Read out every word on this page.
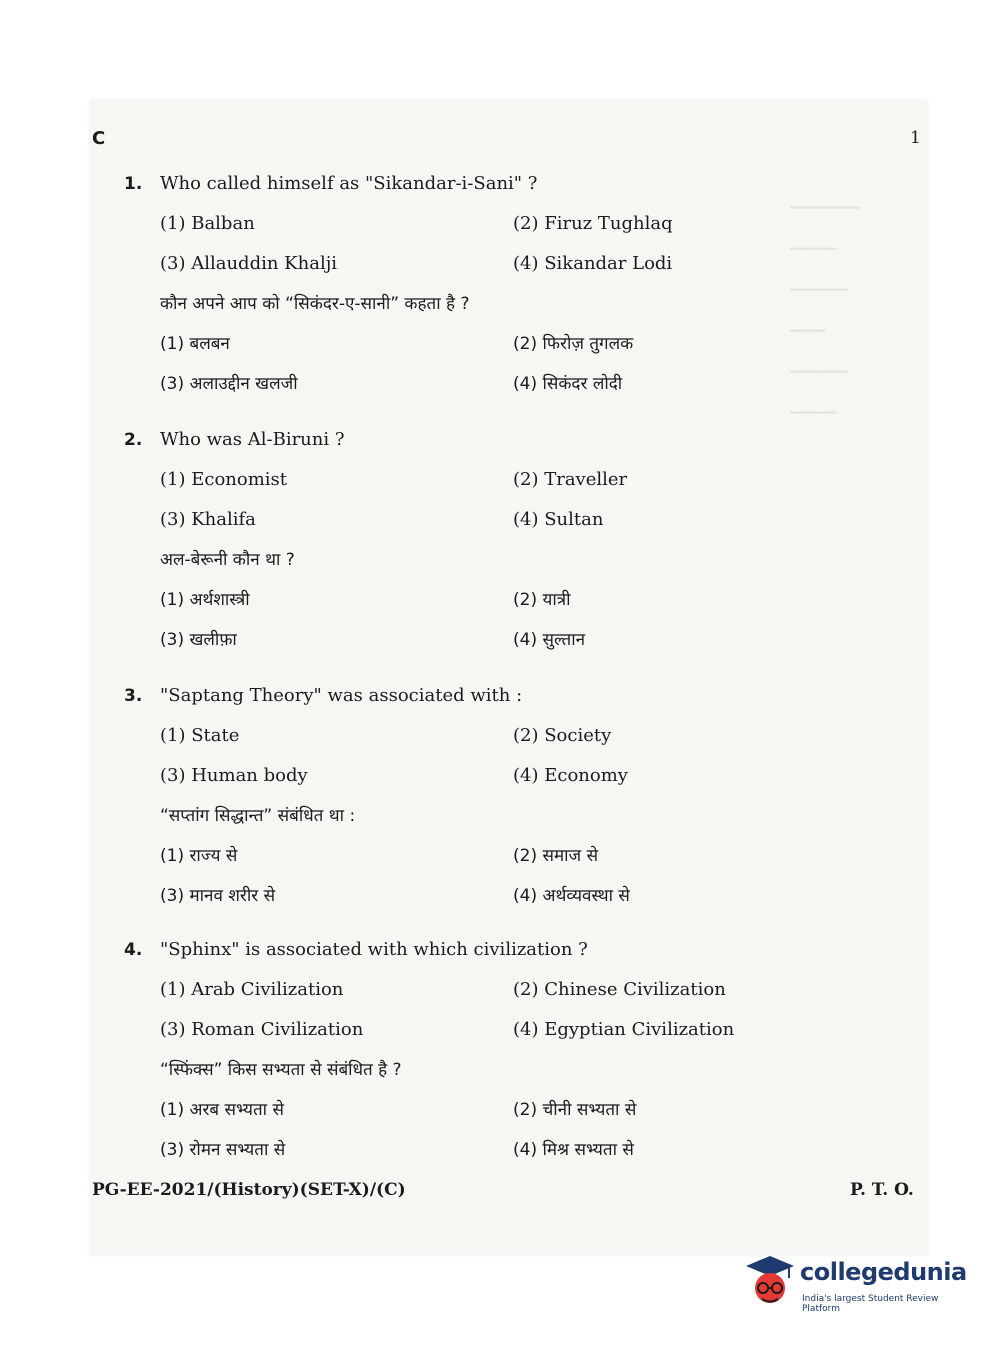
▁▁▁▁▁▁
▁▁▁▁
▁▁▁▁▁
▁▁▁
▁▁▁▁▁
▁▁▁▁
C	1
1. Who called himself as "Sikandar-i-Sani" ?
(1) Balban	(2) Firuz Tughlaq
(3) Allauddin Khalji	(4) Sikandar Lodi
कौन अपने आप को “सिकंदर-ए-सानी” कहता है ?
(1) बलबन	(2) फिरोज़ तुगलक
(3) अलाउद्दीन खलजी	(4) सिकंदर लोदी
2. Who was Al-Biruni ?
(1) Economist	(2) Traveller
(3) Khalifa	(4) Sultan
अल-बेरूनी कौन था ?
(1) अर्थशास्त्री	(2) यात्री
(3) खलीफ़ा	(4) सुल्तान
3. "Saptang Theory" was associated with :
(1) State	(2) Society
(3) Human body	(4) Economy
“सप्तांग सिद्धान्त” संबंधित था :
(1) राज्य से	(2) समाज से
(3) मानव शरीर से	(4) अर्थव्यवस्था से
4. "Sphinx" is associated with which civilization ?
(1) Arab Civilization	(2) Chinese Civilization
(3) Roman Civilization	(4) Egyptian Civilization
“स्फिंक्स” किस सभ्यता से संबंधित है ?
(1) अरब सभ्यता से	(2) चीनी सभ्यता से
(3) रोमन सभ्यता से	(4) मिश्र सभ्यता से
PG-EE-2021/(History)(SET-X)/(C)	P. T. O.
collegedunia
India's largest Student Review Platform
